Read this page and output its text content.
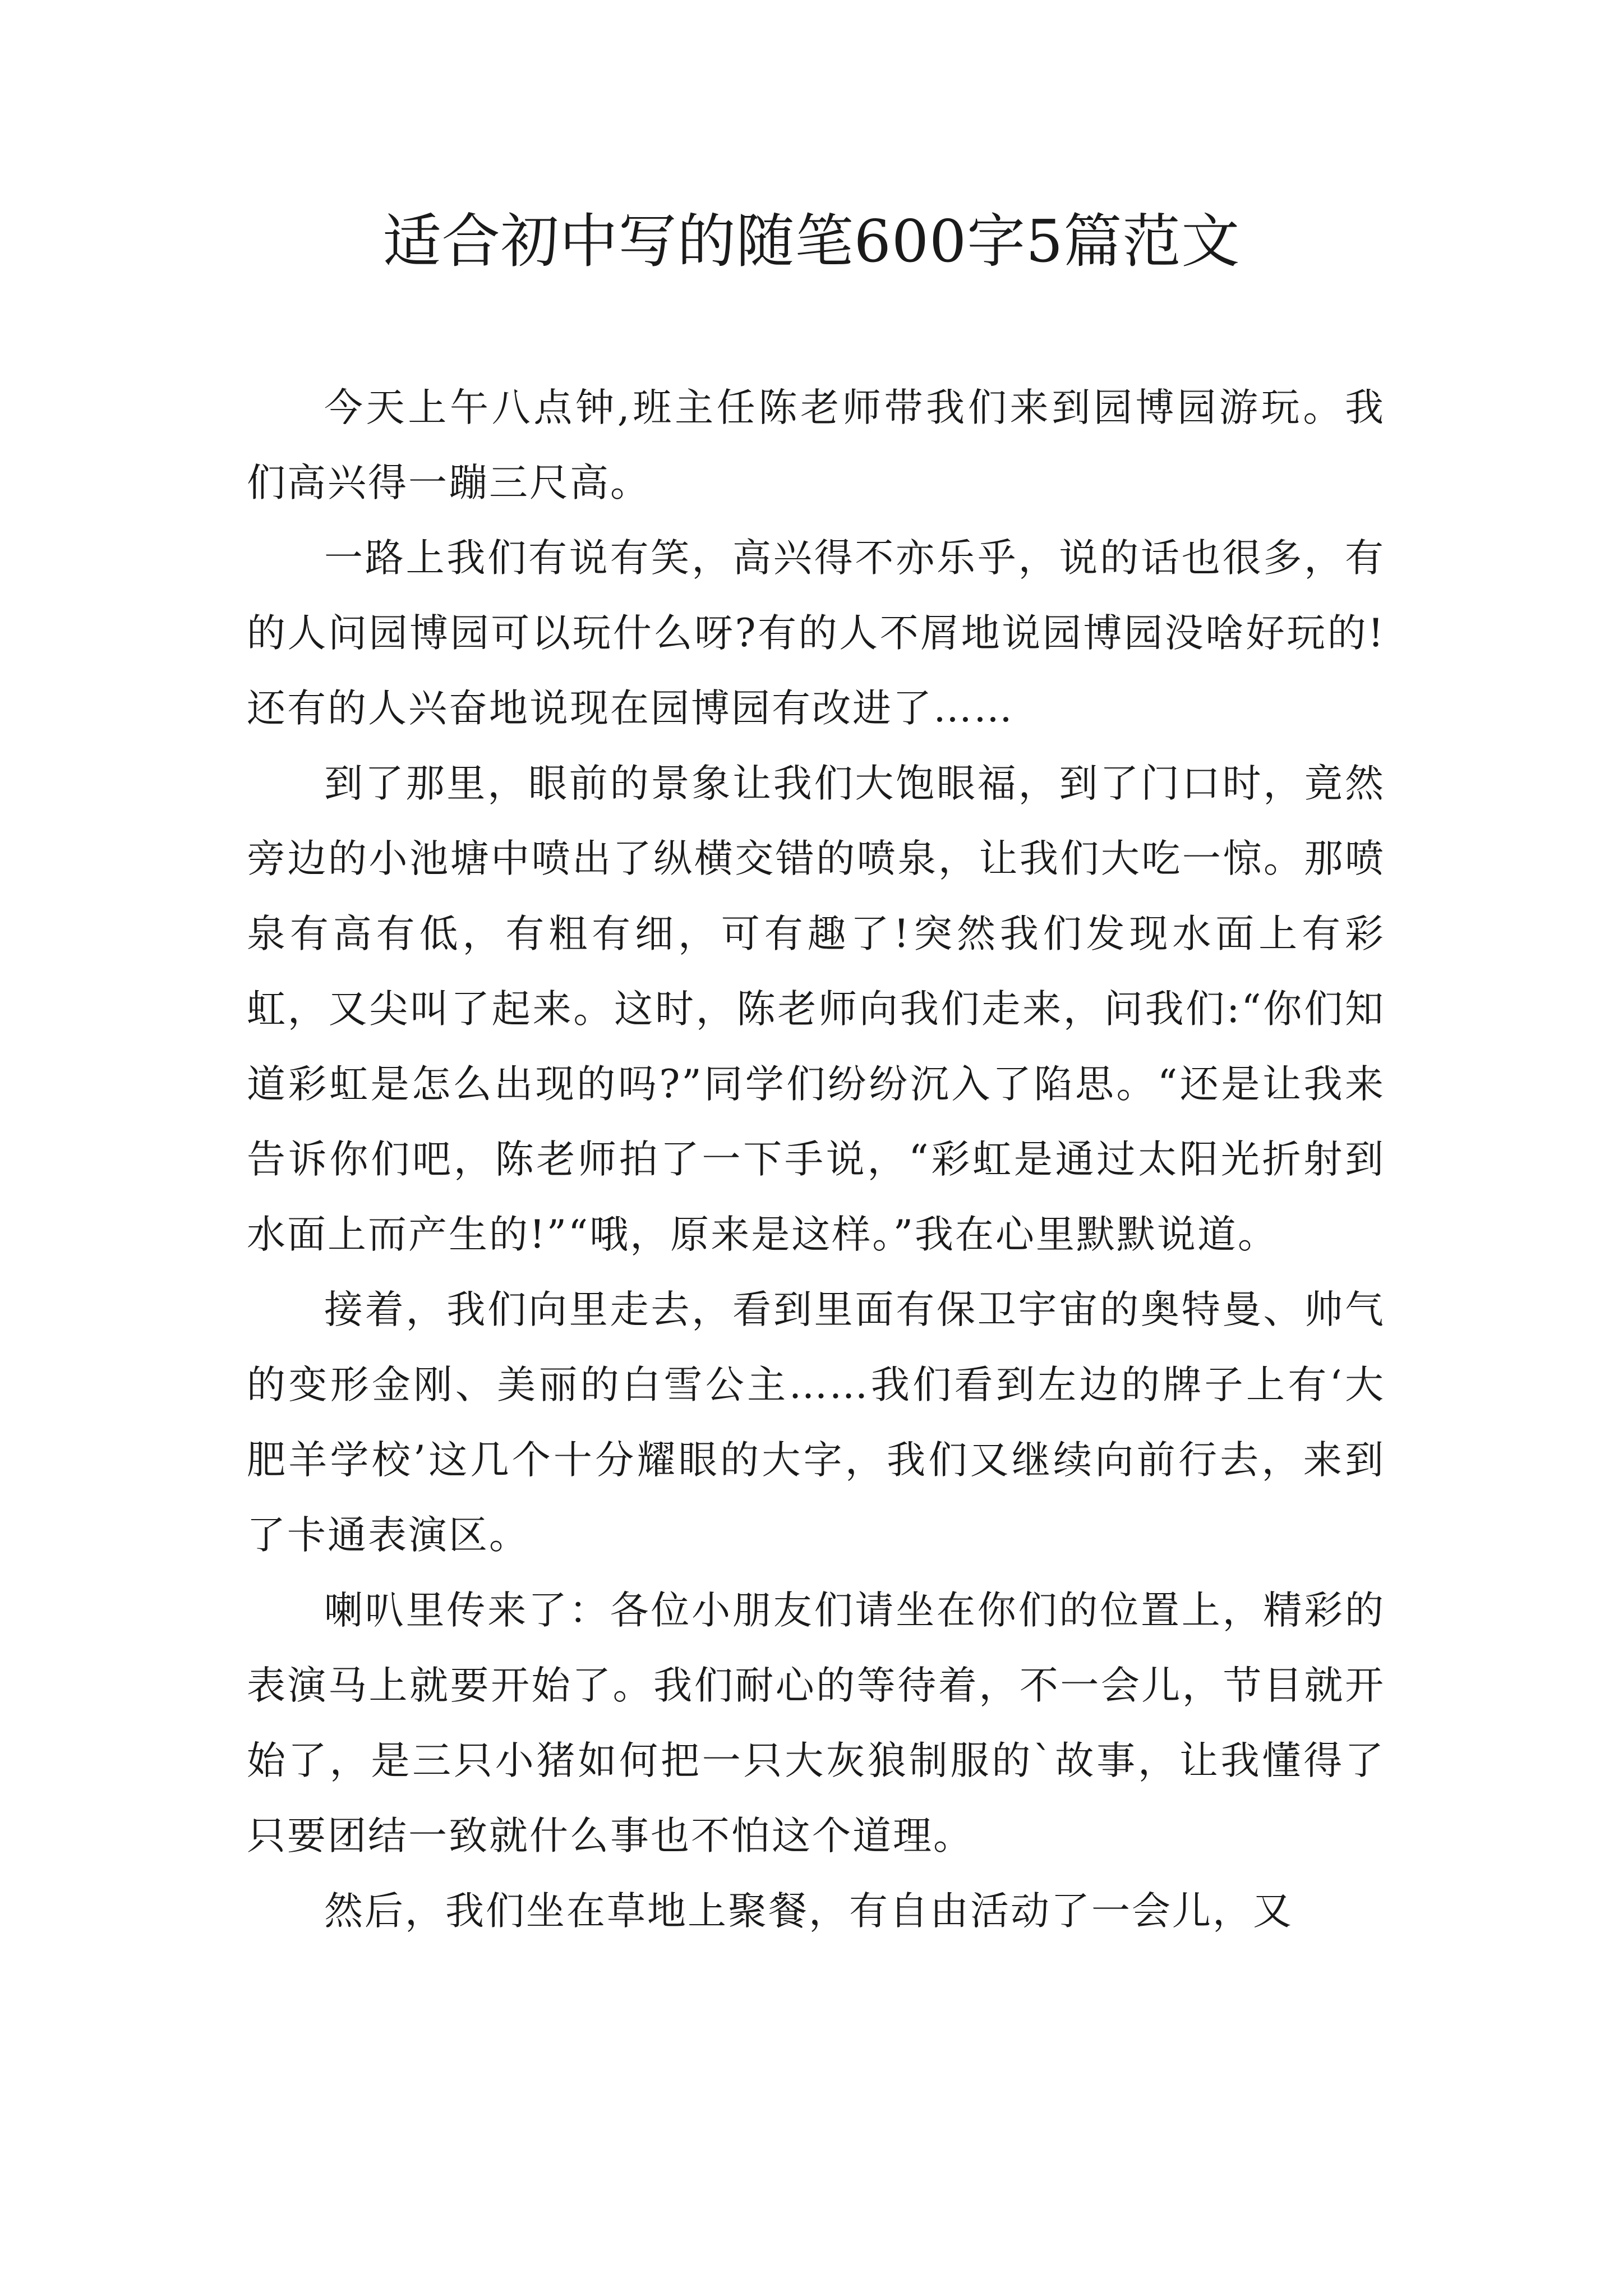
适合初中写的随笔600字5篇范文

今天上午八点钟,班主任陈老师带我们来到园博园游玩。我们高兴得一蹦三尺高。

一路上我们有说有笑，高兴得不亦乐乎，说的话也很多，有的人问园博园可以玩什么呀?有的人不屑地说园博园没啥好玩的!还有的人兴奋地说现在园博园有改进了……

到了那里，眼前的景象让我们大饱眼福，到了门口时，竟然旁边的小池塘中喷出了纵横交错的喷泉，让我们大吃一惊。那喷泉有高有低，有粗有细，可有趣了!突然我们发现水面上有彩虹，又尖叫了起来。这时，陈老师向我们走来，问我们:“你们知道彩虹是怎么出现的吗?”同学们纷纷沉入了陷思。“还是让我来告诉你们吧，陈老师拍了一下手说，“彩虹是通过太阳光折射到水面上而产生的!”“哦，原来是这样。”我在心里默默说道。

接着，我们向里走去，看到里面有保卫宇宙的奥特曼、帅气的变形金刚、美丽的白雪公主……我们看到左边的牌子上有‘大肥羊学校’这几个十分耀眼的大字，我们又继续向前行去，来到了卡通表演区。

喇叭里传来了：各位小朋友们请坐在你们的位置上，精彩的表演马上就要开始了。我们耐心的等待着，不一会儿，节目就开始了，是三只小猪如何把一只大灰狼制服的`故事，让我懂得了只要团结一致就什么事也不怕这个道理。

然后，我们坐在草地上聚餐，有自由活动了一会儿，又
